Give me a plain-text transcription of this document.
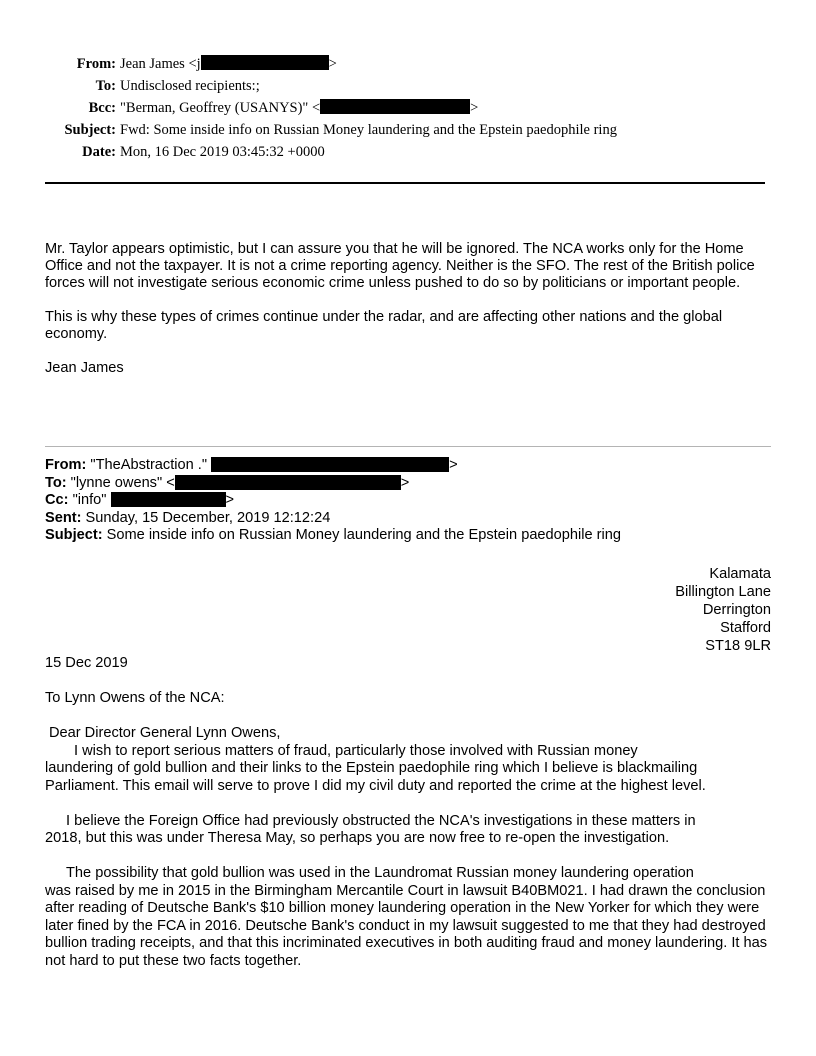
From: Jean James <j	>
To: Undisclosed recipients:;
Bcc: "Berman, Geoffrey (USANYS)" <	>
Subject: Fwd: Some inside info on Russian Money laundering and the Epstein paedophile ring
Date: Mon, 16 Dec 2019 03:45:32 +0000

Mr. Taylor appears optimistic, but I can assure you that he will be ignored. The NCA works only for the Home Office and not the taxpayer. It is not a crime reporting agency. Neither is the SFO. The rest of the British police forces will not investigate serious economic crime unless pushed to do so by politicians or important people.

This is why these types of crimes continue under the radar, and are affecting other nations and the global economy.

Jean James

From: "TheAbstraction ."	>
To: "lynne owens" <	>
Cc: "info"	>
Sent: Sunday, 15 December, 2019 12:12:24
Subject: Some inside info on Russian Money laundering and the Epstein paedophile ring
Kalamata
Billington Lane
Derrington
Stafford
ST18 9LR

15 Dec 2019

To Lynn Owens of the NCA:

Dear Director General Lynn Owens,

I wish to report serious matters of fraud, particularly those involved with Russian money

laundering of gold bullion and their links to the Epstein paedophile ring which I believe is blackmailing Parliament. This email will serve to prove I did my civil duty and reported the crime at the highest level.

I believe the Foreign Office had previously obstructed the NCA's investigations in these matters in

2018, but this was under Theresa May, so perhaps you are now free to re-open the investigation.

The possibility that gold bullion was used in the Laundromat Russian money laundering operation

was raised by me in 2015 in the Birmingham Mercantile Court in lawsuit B40BM021. I had drawn the conclusion after reading of Deutsche Bank's $10 billion money laundering operation in the New Yorker for which they were later fined by the FCA in 2016. Deutsche Bank's conduct in my lawsuit suggested to me that they had destroyed bullion trading receipts, and that this incriminated executives in both auditing fraud and money laundering. It has not hard to put these two facts together.
